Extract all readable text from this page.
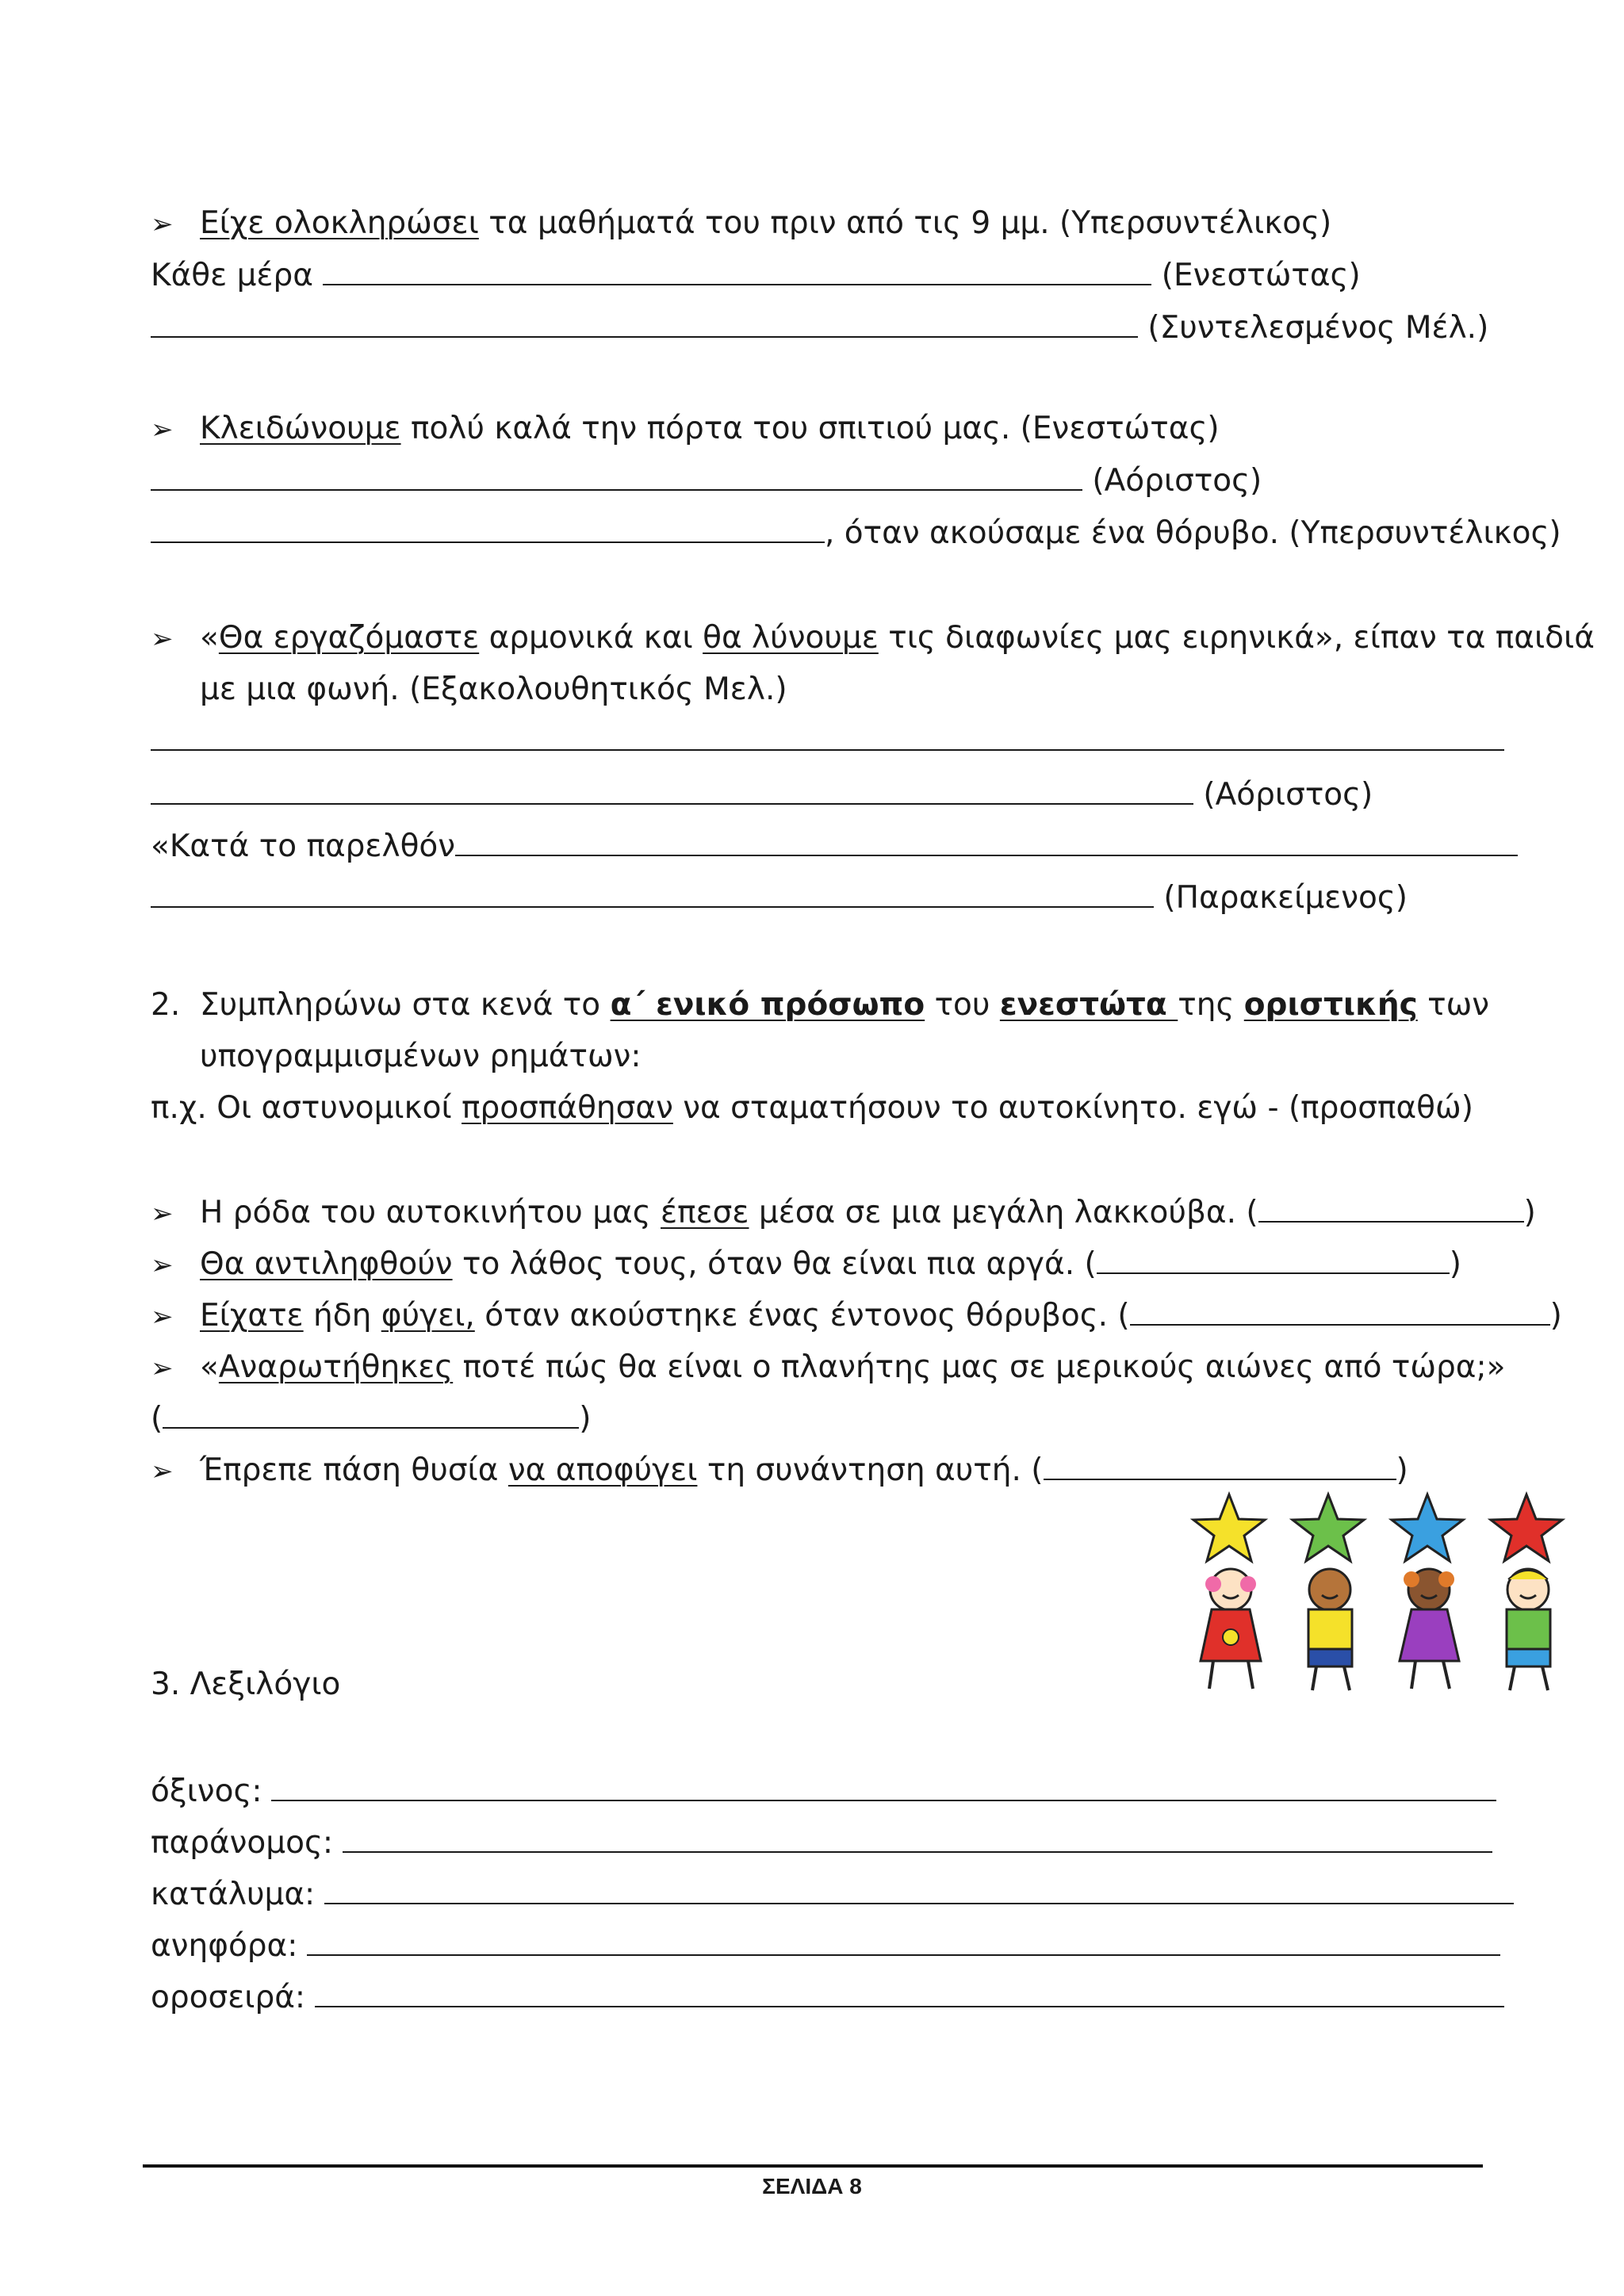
➢ Είχε ολοκληρώσει τα μαθήματά του πριν από τις 9 μμ. (Υπερσυντέλικος)
Κάθε μέρα	(Ενεστώτας)
(Συντελεσμένος Μέλ.)
➢ Κλειδώνουμε πολύ καλά την πόρτα του σπιτιού μας. (Ενεστώτας)
(Αόριστος)
, όταν ακούσαμε ένα θόρυβο. (Υπερσυντέλικος)
➢ «Θα εργαζόμαστε αρμονικά και θα λύνουμε τις διαφωνίες μας ειρηνικά», είπαν τα παιδιά
με μια φωνή. (Εξακολουθητικός Μελ.)
(Αόριστος)
«Κατά το παρελθόν
(Παρακείμενος)
2. Συμπληρώνω στα κενά το α΄ ενικό πρόσωπο του ενεστώτα της οριστικής των
υπογραμμισμένων ρημάτων:
π.χ. Οι αστυνομικοί προσπάθησαν να σταματήσουν το αυτοκίνητο. εγώ - (προσπαθώ)
➢ Η ρόδα του αυτοκινήτου μας έπεσε μέσα σε μια μεγάλη λακκούβα. (	)
➢ Θα αντιληφθούν το λάθος τους, όταν θα είναι πια αργά. (	)
➢ Είχατε ήδη φύγει, όταν ακούστηκε ένας έντονος θόρυβος. (	)
➢ «Αναρωτήθηκες ποτέ πώς θα είναι ο πλανήτης μας σε μερικούς αιώνες από τώρα;»
(	)
➢ Έπρεπε πάση θυσία να αποφύγει τη συνάντηση αυτή. (	)
3. Λεξιλόγιο
όξινος:
παράνομος:
κατάλυμα:
ανηφόρα:
οροσειρά:
ΣΕΛΙΔΑ 8
